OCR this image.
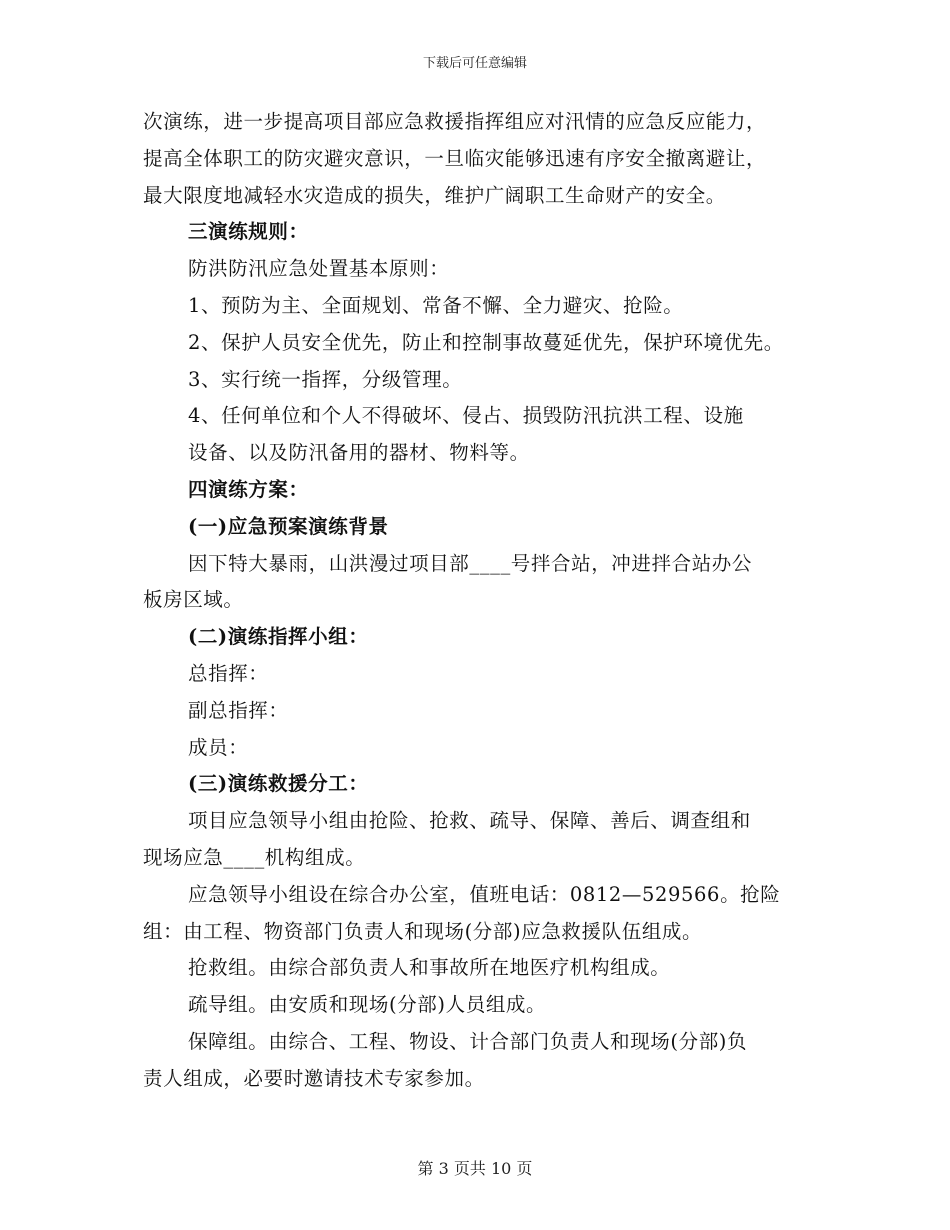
下载后可任意编辑
次演练，进一步提高项目部应急救援指挥组应对汛情的应急反应能力，
提高全体职工的防灾避灾意识，一旦临灾能够迅速有序安全撤离避让，
最大限度地减轻水灾造成的损失，维护广阔职工生命财产的安全。
三演练规则：
防洪防汛应急处置基本原则：
1、预防为主、全面规划、常备不懈、全力避灾、抢险。
2、保护人员安全优先，防止和控制事故蔓延优先，保护环境优先。
3、实行统一指挥，分级管理。
4、任何单位和个人不得破坏、侵占、损毁防汛抗洪工程、设施
设备、以及防汛备用的器材、物料等。
四演练方案：
(一)应急预案演练背景
因下特大暴雨，山洪漫过项目部____号拌合站，冲进拌合站办公
板房区域。
(二)演练指挥小组：
总指挥：
副总指挥：
成员：
(三)演练救援分工：
项目应急领导小组由抢险、抢救、疏导、保障、善后、调查组和
现场应急____机构组成。
应急领导小组设在综合办公室，值班电话：0812—529566。抢险
组：由工程、物资部门负责人和现场(分部)应急救援队伍组成。
抢救组。由综合部负责人和事故所在地医疗机构组成。
疏导组。由安质和现场(分部)人员组成。
保障组。由综合、工程、物设、计合部门负责人和现场(分部)负
责人组成，必要时邀请技术专家参加。
第 3 页共 10 页
